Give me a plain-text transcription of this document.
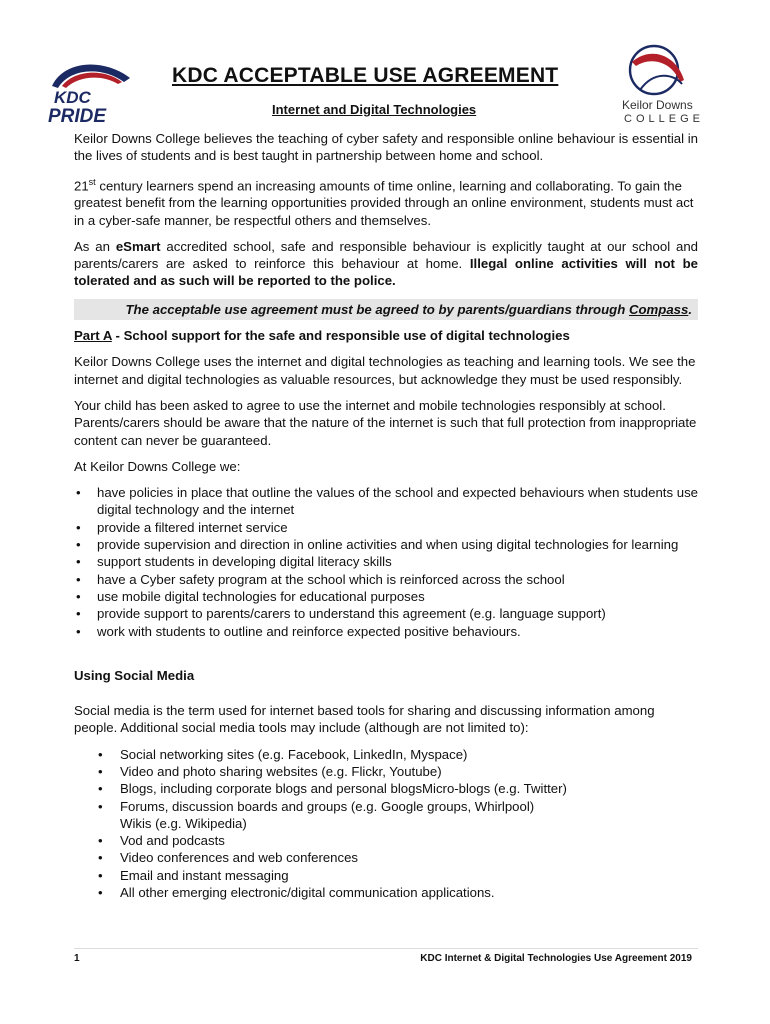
KDC
PRIDE
Keilor Downs
COLLEGE
KDC ACCEPTABLE USE AGREEMENT
Internet and Digital Technologies

Keilor Downs College believes the teaching of cyber safety and responsible online behaviour is essential in the lives of students and is best taught in partnership between home and school.

21st century learners spend an increasing amounts of time online, learning and collaborating. To gain the greatest benefit from the learning opportunities provided through an online environment, students must act in a cyber-safe manner, be respectful others and themselves.

As an eSmart accredited school, safe and responsible behaviour is explicitly taught at our school and parents/carers are asked to reinforce this behaviour at home. Illegal online activities will not be tolerated and as such will be reported to the police.

The acceptable use agreement must be agreed to by parents/guardians through Compass.

Part A - School support for the safe and responsible use of digital technologies

Keilor Downs College uses the internet and digital technologies as teaching and learning tools. We see the internet and digital technologies as valuable resources, but acknowledge they must be used responsibly.

Your child has been asked to agree to use the internet and mobile technologies responsibly at school. Parents/carers should be aware that the nature of the internet is such that full protection from inappropriate content can never be guaranteed.

At Keilor Downs College we:

• have policies in place that outline the values of the school and expected behaviours when students use digital technology and the internet
• provide a filtered internet service
• provide supervision and direction in online activities and when using digital technologies for learning
• support students in developing digital literacy skills
• have a Cyber safety program at the school which is reinforced across the school
• use mobile digital technologies for educational purposes
• provide support to parents/carers to understand this agreement (e.g. language support)
• work with students to outline and reinforce expected positive behaviours.
Using Social Media

Social media is the term used for internet based tools for sharing and discussing information among people. Additional social media tools may include (although are not limited to):

• Social networking sites (e.g. Facebook, LinkedIn, Myspace)
• Video and photo sharing websites (e.g. Flickr, Youtube)
• Blogs, including corporate blogs and personal blogsMicro-blogs (e.g. Twitter)
• Forums, discussion boards and groups (e.g. Google groups, Whirlpool)
Wikis (e.g. Wikipedia)
• Vod and podcasts
• Video conferences and web conferences
• Email and instant messaging
• All other emerging electronic/digital communication applications.
1	KDC Internet & Digital Technologies Use Agreement 2019
